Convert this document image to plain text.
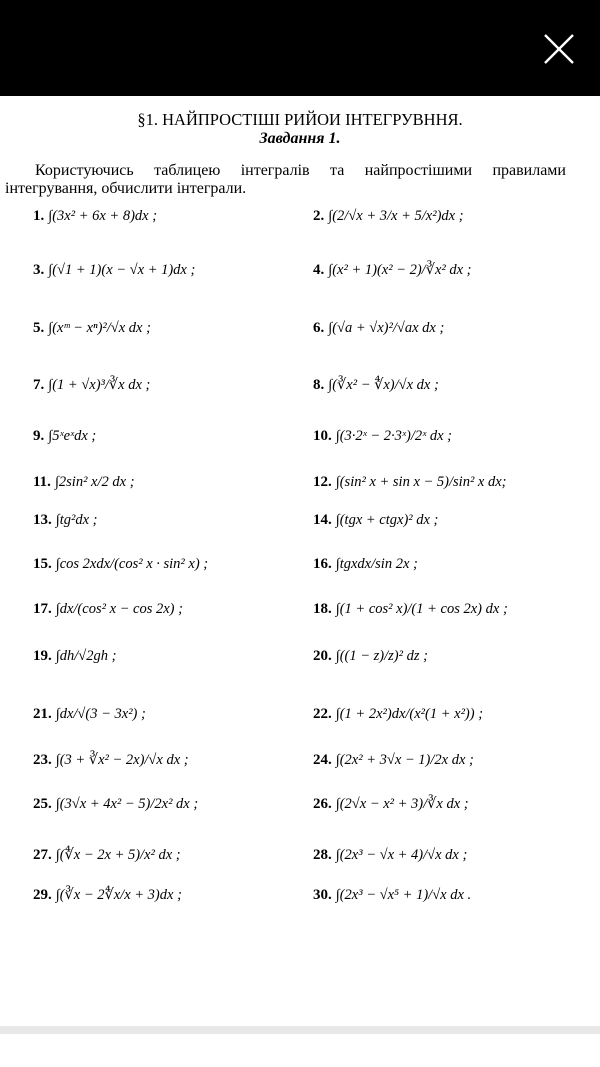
§1. НАЙПРОСТІШІ РИЙОИ ІНТЕГРУВННЯ.
Завдання 1.
Користуючись таблицею інтегралів та найпростішими правилами інтегрування, обчислити інтеграли.
1. ∫(3x² + 6x + 8)dx ;	2. ∫(2/√x + 3/x + 5/x²)dx ;
3. ∫(√1 + 1)(x − √x + 1)dx ;	4. ∫(x² + 1)(x² − 2)/∛x² dx ;
5. ∫(xᵐ − xⁿ)²/√x dx ;	6. ∫(√a + √x)²/√ax dx ;
7. ∫(1 + √x)³/∛x dx ;	8. ∫(∛x² − ∜x)/√x dx ;
9. ∫5ˣeˣdx ;	10. ∫(3·2ˣ − 2·3ˣ)/2ˣ dx ;
11. ∫2sin² x/2 dx ;	12. ∫(sin² x + sin x − 5)/sin² x dx;
13. ∫tg²dx ;	14. ∫(tgx + ctgx)² dx ;
15. ∫cos 2xdx/(cos² x · sin² x) ;	16. ∫tgxdx/sin 2x ;
17. ∫dx/(cos² x − cos 2x) ;	18. ∫(1 + cos² x)/(1 + cos 2x) dx ;
19. ∫dh/√2gh ;	20. ∫((1 − z)/z)² dz ;
21. ∫dx/√(3 − 3x²) ;	22. ∫(1 + 2x²)dx/(x²(1 + x²)) ;
23. ∫(3 + ∛x² − 2x)/√x dx ;	24. ∫(2x² + 3√x − 1)/2x dx ;
25. ∫(3√x + 4x² − 5)/2x² dx ;	26. ∫(2√x − x² + 3)/∛x dx ;
27. ∫(∜x − 2x + 5)/x² dx ;	28. ∫(2x³ − √x + 4)/√x dx ;
29. ∫(∛x − 2∜x/x + 3)dx ;	30. ∫(2x³ − √x⁵ + 1)/√x dx .
